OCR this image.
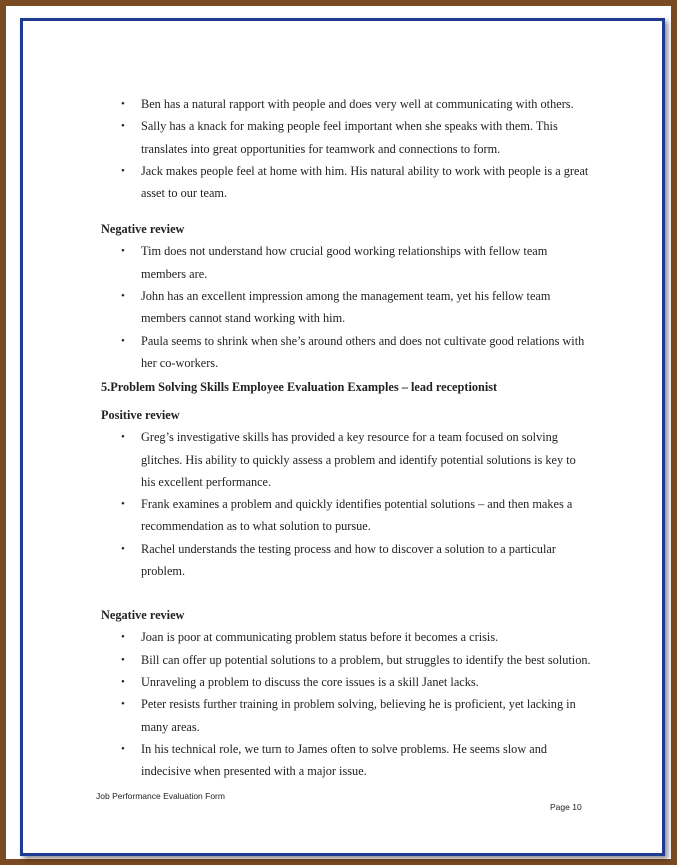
• Ben has a natural rapport with people and does very well at communicating with others.
• Sally has a knack for making people feel important when she speaks with them. This translates into great opportunities for teamwork and connections to form.
• Jack makes people feel at home with him. His natural ability to work with people is a great asset to our team.

Negative review

• Tim does not understand how crucial good working relationships with fellow team members are.
• John has an excellent impression among the management team, yet his fellow team members cannot stand working with him.
• Paula seems to shrink when she’s around others and does not cultivate good relations with her co-workers.

5.Problem Solving Skills Employee Evaluation Examples – lead receptionist

Positive review

• Greg’s investigative skills has provided a key resource for a team focused on solving glitches. His ability to quickly assess a problem and identify potential solutions is key to his excellent performance.
• Frank examines a problem and quickly identifies potential solutions – and then makes a recommendation as to what solution to pursue.
• Rachel understands the testing process and how to discover a solution to a particular problem.

Negative review

• Joan is poor at communicating problem status before it becomes a crisis.
• Bill can offer up potential solutions to a problem, but struggles to identify the best solution.
• Unraveling a problem to discuss the core issues is a skill Janet lacks.
• Peter resists further training in problem solving, believing he is proficient, yet lacking in many areas.
• In his technical role, we turn to James often to solve problems. He seems slow and indecisive when presented with a major issue.
Job Performance Evaluation Form
Page 10
